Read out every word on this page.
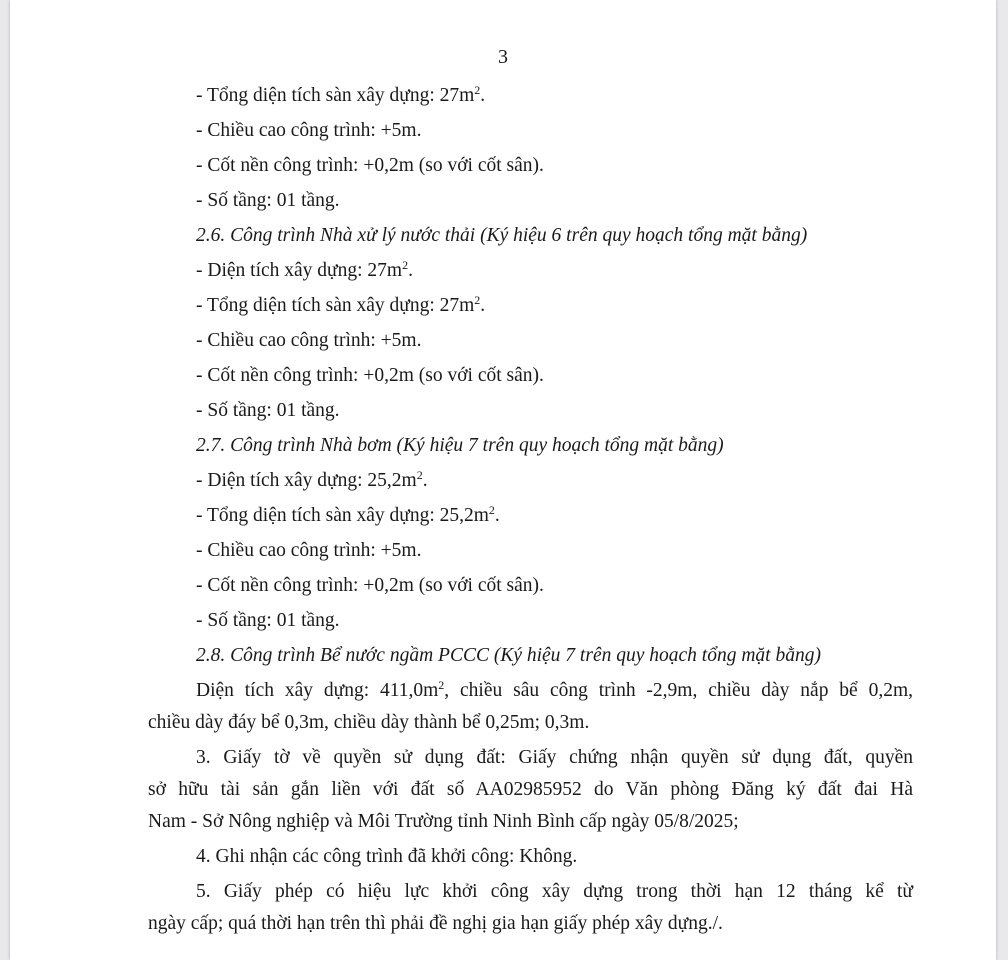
3
- Tổng diện tích sàn xây dựng: $27m^2$.
- Chiều cao công trình: +5m.
- Cốt nền công trình: +0,2m (so với cốt sân).
- Số tầng: 01 tầng.
2.6. Công trình Nhà xử lý nước thải (Ký hiệu 6 trên quy hoạch tổng mặt bằng)
- Diện tích xây dựng: $27m^2$.
- Tổng diện tích sàn xây dựng: $27m^2$.
- Chiều cao công trình: +5m.
- Cốt nền công trình: +0,2m (so với cốt sân).
- Số tầng: 01 tầng.
2.7. Công trình Nhà bơm (Ký hiệu 7 trên quy hoạch tổng mặt bằng)
- Diện tích xây dựng: $25,2m^2$.
- Tổng diện tích sàn xây dựng: $25,2m^2$.
- Chiều cao công trình: +5m.
- Cốt nền công trình: +0,2m (so với cốt sân).
- Số tầng: 01 tầng.
2.8. Công trình Bể nước ngầm PCCC (Ký hiệu 7 trên quy hoạch tổng mặt bằng)
Diện tích xây dựng: $411,0m^2$, chiều sâu công trình -2,9m, chiều dày nắp bể 0,2m,
chiều dày đáy bể 0,3m, chiều dày thành bể 0,25m; 0,3m.
3. Giấy tờ về quyền sử dụng đất: Giấy chứng nhận quyền sử dụng đất, quyền
sở hữu tài sản gắn liền với đất số AA02985952 do Văn phòng Đăng ký đất đai Hà
Nam - Sở Nông nghiệp và Môi Trường tỉnh Ninh Bình cấp ngày 05/8/2025;
4. Ghi nhận các công trình đã khởi công: Không.
5. Giấy phép có hiệu lực khởi công xây dựng trong thời hạn 12 tháng kể từ
ngày cấp; quá thời hạn trên thì phải đề nghị gia hạn giấy phép xây dựng./.
